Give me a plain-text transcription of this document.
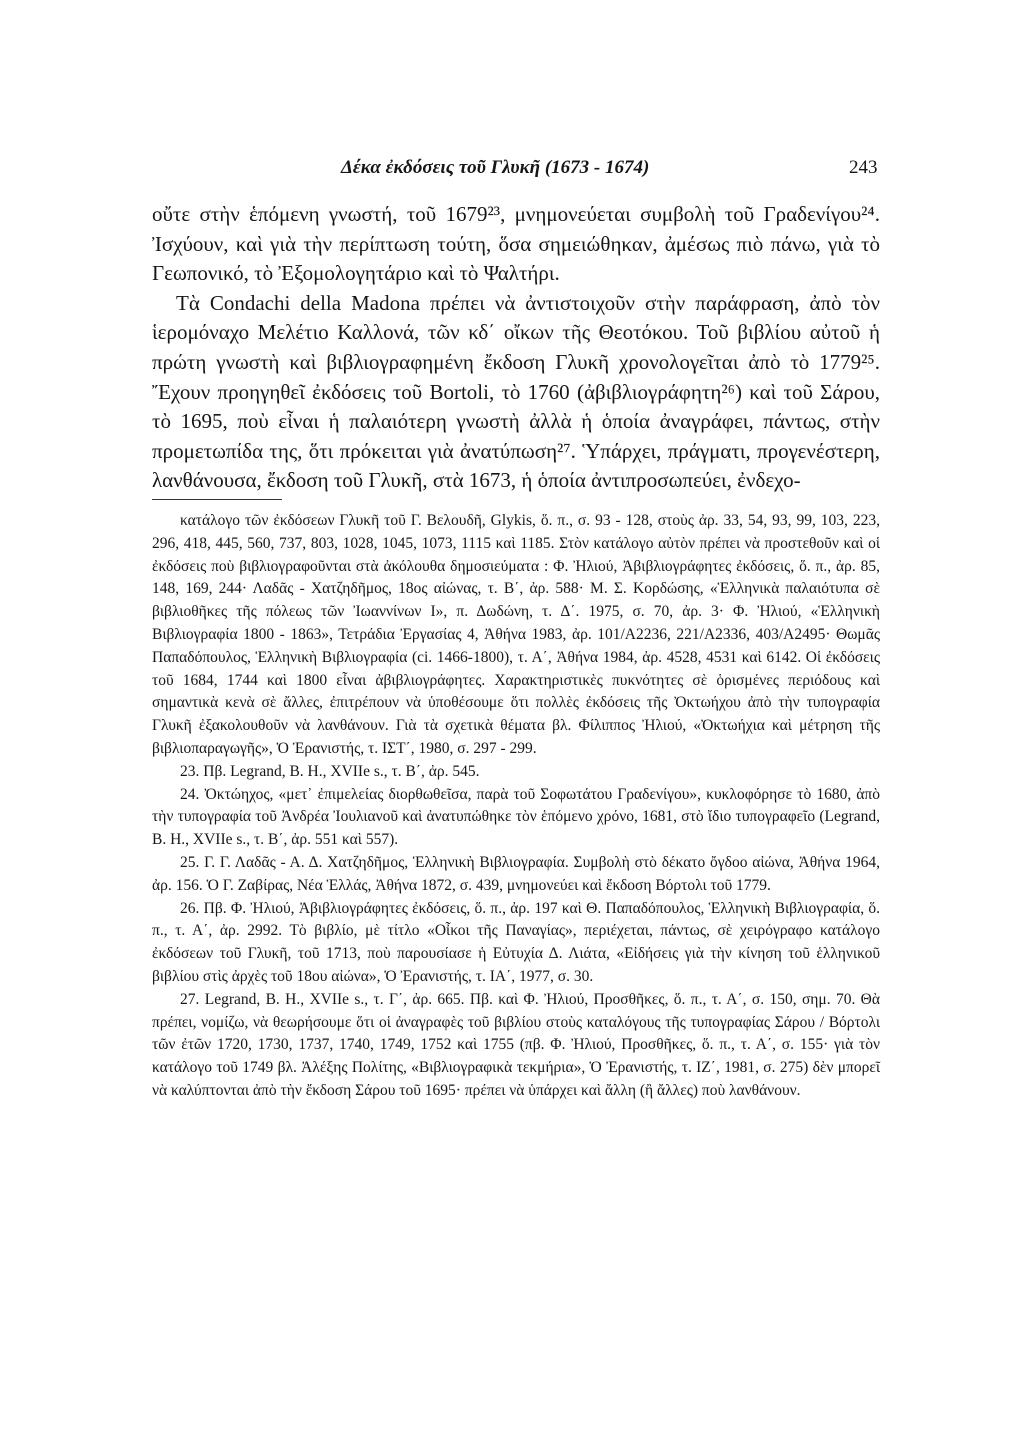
Δέκα ἐκδόσεις τοῦ Γλυκῆ (1673 - 1674)	243

οὔτε στὴν ἑπόμενη γνωστή, τοῦ 1679²³, μνημονεύεται συμβολὴ τοῦ Γραδενίγου²⁴. Ἰσχύουν, καὶ γιὰ τὴν περίπτωση τούτη, ὅσα σημειώθηκαν, ἀμέσως πιὸ πάνω, γιὰ τὸ Γεωπονικό, τὸ Ἐξομολογητάριο καὶ τὸ Ψαλτήρι.

Τὰ Condachi della Madona πρέπει νὰ ἀντιστοιχοῦν στὴν παράφραση, ἀπὸ τὸν ἱερομόναχο Μελέτιο Καλλονά, τῶν κδ΄ οἴκων τῆς Θεοτόκου. Τοῦ βιβλίου αὐτοῦ ἡ πρώτη γνωστὴ καὶ βιβλιογραφημένη ἔκδοση Γλυκῆ χρονολογεῖται ἀπὸ τὸ 1779²⁵. Ἔχουν προηγηθεῖ ἐκδόσεις τοῦ Bortoli, τὸ 1760 (ἀβιβλιογράφητη²⁶) καὶ τοῦ Σάρου, τὸ 1695, ποὺ εἶναι ἡ παλαιότερη γνωστὴ ἀλλὰ ἡ ὁποία ἀναγράφει, πάντως, στὴν προμετωπίδα της, ὅτι πρόκειται γιὰ ἀνατύπωση²⁷. Ὑπάρχει, πράγματι, προγενέστερη, λανθάνουσα, ἔκδοση τοῦ Γλυκῆ, στὰ 1673, ἡ ὁποία ἀντιπροσωπεύει, ἐνδεχο-

κατάλογο τῶν ἐκδόσεων Γλυκῆ τοῦ Γ. Βελουδῆ, Glykis, ὅ. π., σ. 93 - 128, στοὺς ἀρ. 33, 54, 93, 99, 103, 223, 296, 418, 445, 560, 737, 803, 1028, 1045, 1073, 1115 καὶ 1185. Στὸν κατάλογο αὐτὸν πρέπει νὰ προστεθοῦν καὶ οἱ ἐκδόσεις ποὺ βιβλιογραφοῦνται στὰ ἀκόλουθα δημοσιεύματα : Φ. Ἠλιού, Ἀβιβλιογράφητες ἐκδόσεις, ὅ. π., ἀρ. 85, 148, 169, 244· Λαδᾶς - Χατζηδῆμος, 18ος αἰώνας, τ. Β΄, ἀρ. 588· Μ. Σ. Κορδώσης, «Ἑλληνικὰ παλαιότυπα σὲ βιβλιοθῆκες τῆς πόλεως τῶν Ἰωαννίνων Ι», π. Δωδώνη, τ. Δ΄. 1975, σ. 70, ἀρ. 3· Φ. Ἠλιού, «Ἑλληνικὴ Βιβλιογραφία 1800 - 1863», Τετράδια Ἐργασίας 4, Ἀθήνα 1983, ἀρ. 101/Α2236, 221/Α2336, 403/Α2495· Θωμᾶς Παπαδόπουλος, Ἑλληνικὴ Βιβλιογραφία (ci. 1466-1800), τ. Α΄, Ἀθήνα 1984, ἀρ. 4528, 4531 καὶ 6142. Οἱ ἐκδόσεις τοῦ 1684, 1744 καὶ 1800 εἶναι ἀβιβλιογράφητες. Χαρακτηριστικὲς πυκνότητες σὲ ὁρισμένες περιόδους καὶ σημαντικὰ κενὰ σὲ ἄλλες, ἐπιτρέπουν νὰ ὑποθέσουμε ὅτι πολλὲς ἐκδόσεις τῆς Ὀκτωήχου ἀπὸ τὴν τυπογραφία Γλυκῆ ἐξακολουθοῦν νὰ λανθάνουν. Γιὰ τὰ σχετικὰ θέματα βλ. Φίλιππος Ἠλιού, «Ὀκτωήχια καὶ μέτρηση τῆς βιβλιοπαραγωγῆς», Ὁ Ἐρανιστής, τ. ΙΣΤ΄, 1980, σ. 297 - 299.

23. Πβ. Legrand, B. H., XVIIe s., τ. Β΄, ἀρ. 545.

24. Ὀκτώηχος, «μετ᾽ ἐπιμελείας διορθωθεῖσα, παρὰ τοῦ Σοφωτάτου Γραδενίγου», κυκλοφόρησε τὸ 1680, ἀπὸ τὴν τυπογραφία τοῦ Ἀνδρέα Ἰουλιανοῦ καὶ ἀνατυπώθηκε τὸν ἑπόμενο χρόνο, 1681, στὸ ἴδιο τυπογραφεῖο (Legrand, B. H., XVIIe s., τ. Β΄, ἀρ. 551 καὶ 557).

25. Γ. Γ. Λαδᾶς - Α. Δ. Χατζηδῆμος, Ἑλληνικὴ Βιβλιογραφία. Συμβολὴ στὸ δέκατο ὄγδοο αἰώνα, Ἀθήνα 1964, ἀρ. 156. Ὁ Γ. Ζαβίρας, Νέα Ἑλλάς, Ἀθήνα 1872, σ. 439, μνημονεύει καὶ ἔκδοση Βόρτολι τοῦ 1779.

26. Πβ. Φ. Ἠλιού, Ἀβιβλιογράφητες ἐκδόσεις, ὅ. π., ἀρ. 197 καὶ Θ. Παπαδόπουλος, Ἑλληνικὴ Βιβλιογραφία, ὅ. π., τ. Α΄, ἀρ. 2992. Τὸ βιβλίο, μὲ τίτλο «Οἶκοι τῆς Παναγίας», περιέχεται, πάντως, σὲ χειρόγραφο κατάλογο ἐκδόσεων τοῦ Γλυκῆ, τοῦ 1713, ποὺ παρουσίασε ἡ Εὐτυχία Δ. Λιάτα, «Εἰδήσεις γιὰ τὴν κίνηση τοῦ ἑλληνικοῦ βιβλίου στὶς ἀρχὲς τοῦ 18ου αἰώνα», Ὁ Ἐρανιστής, τ. ΙΑ΄, 1977, σ. 30.

27. Legrand, B. H., XVIIe s., τ. Γ΄, ἀρ. 665. Πβ. καὶ Φ. Ἠλιού, Προσθῆκες, ὅ. π., τ. Α΄, σ. 150, σημ. 70. Θὰ πρέπει, νομίζω, νὰ θεωρήσουμε ὅτι οἱ ἀναγραφὲς τοῦ βιβλίου στοὺς καταλόγους τῆς τυπογραφίας Σάρου / Βόρτολι τῶν ἐτῶν 1720, 1730, 1737, 1740, 1749, 1752 καὶ 1755 (πβ. Φ. Ἠλιού, Προσθῆκες, ὅ. π., τ. Α΄, σ. 155· γιὰ τὸν κατάλογο τοῦ 1749 βλ. Ἀλέξης Πολίτης, «Βιβλιογραφικὰ τεκμήρια», Ὁ Ἐρανιστής, τ. ΙΖ΄, 1981, σ. 275) δὲν μπορεῖ νὰ καλύπτονται ἀπὸ τὴν ἔκδοση Σάρου τοῦ 1695· πρέπει νὰ ὑπάρχει καὶ ἄλλη (ἢ ἄλλες) ποὺ λανθάνουν.
